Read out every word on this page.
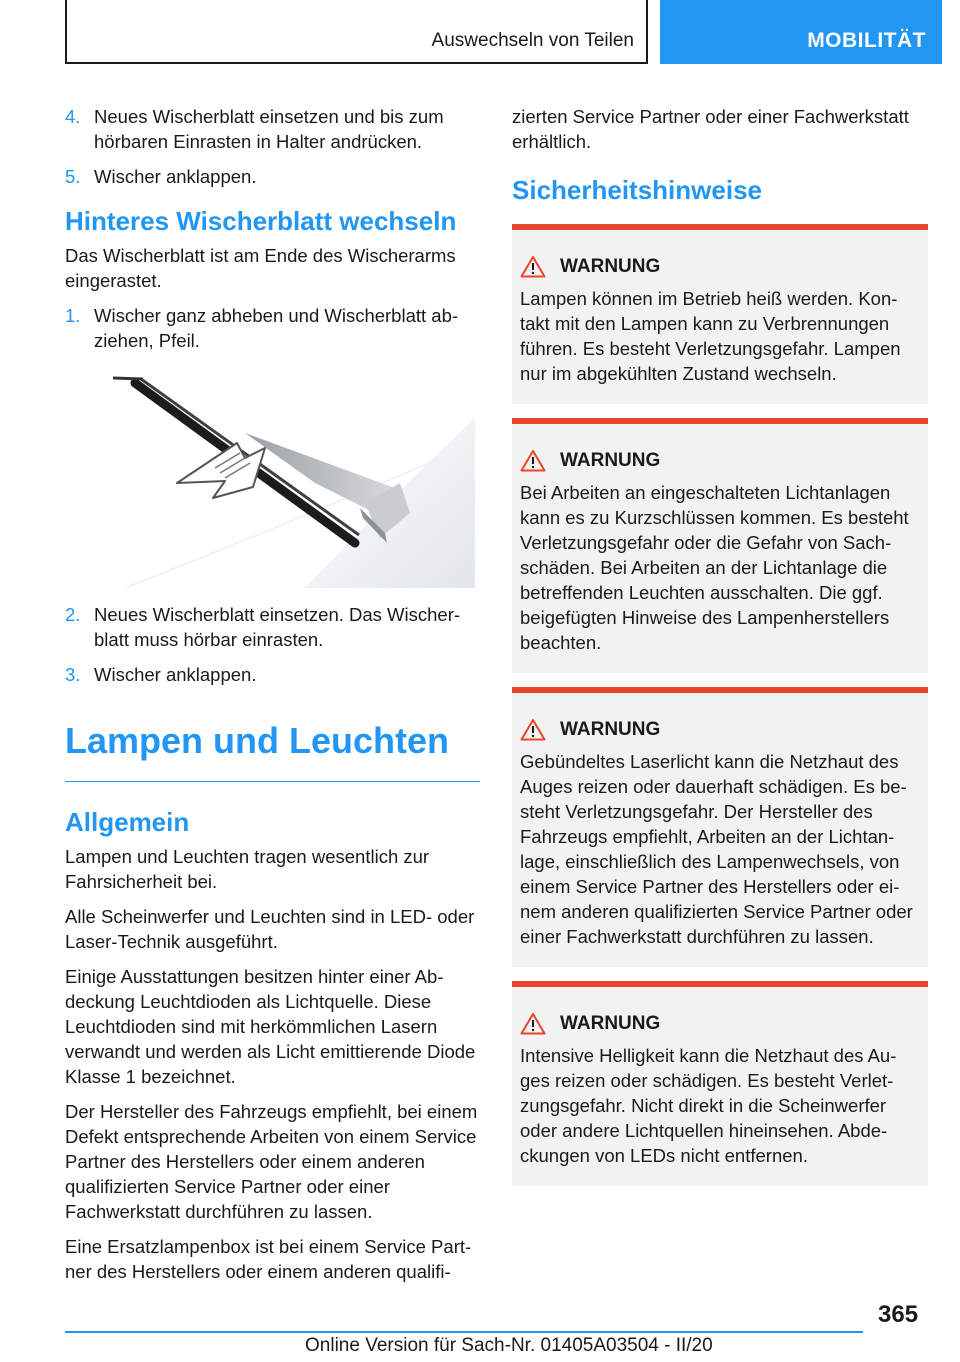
Auswechseln von Teilen	MOBILITÄT
4. Neues Wischerblatt einsetzen und bis zum hörbaren Einrasten in Halter andrücken.
5. Wischer anklappen.
Hinteres Wischerblatt wechseln

Das Wischerblatt ist am Ende des Wischerarms eingerastet.

1. Wischer ganz abheben und Wischerblatt abziehen, Pfeil.
2. Neues Wischerblatt einsetzen. Das Wischerblatt muss hörbar einrasten.
3. Wischer anklappen.
Lampen und Leuchten
Allgemein

Lampen und Leuchten tragen wesentlich zur Fahrsicherheit bei.

Alle Scheinwerfer und Leuchten sind in LED- oder Laser-Technik ausgeführt.

Einige Ausstattungen besitzen hinter einer Abdeckung Leuchtdioden als Lichtquelle. Diese Leuchtdioden sind mit herkömmlichen Lasern verwandt und werden als Licht emittierende Diode Klasse 1 bezeichnet.

Der Hersteller des Fahrzeugs empfiehlt, bei einem Defekt entsprechende Arbeiten von einem Service Partner des Herstellers oder einem anderen qualifizierten Service Partner oder einer Fachwerkstatt durchführen zu lassen.

Eine Ersatzlampenbox ist bei einem Service Partner des Herstellers oder einem anderen qualifi-

zierten Service Partner oder einer Fachwerkstatt erhältlich.

Sicherheitshinweise
WARNUNG
Lampen können im Betrieb heiß werden. Kontakt mit den Lampen kann zu Verbrennungen führen. Es besteht Verletzungsgefahr. Lampen nur im abgekühlten Zustand wechseln.
WARNUNG
Bei Arbeiten an eingeschalteten Lichtanlagen kann es zu Kurzschlüssen kommen. Es besteht Verletzungsgefahr oder die Gefahr von Sachschäden. Bei Arbeiten an der Lichtanlage die betreffenden Leuchten ausschalten. Die ggf. beigefügten Hinweise des Lampenherstellers beachten.
WARNUNG
Gebündeltes Laserlicht kann die Netzhaut des Auges reizen oder dauerhaft schädigen. Es besteht Verletzungsgefahr. Der Hersteller des Fahrzeugs empfiehlt, Arbeiten an der Lichtanlage, einschließlich des Lampenwechsels, von einem Service Partner des Herstellers oder einem anderen qualifizierten Service Partner oder einer Fachwerkstatt durchführen zu lassen.
WARNUNG
Intensive Helligkeit kann die Netzhaut des Auges reizen oder schädigen. Es besteht Verletzungsgefahr. Nicht direkt in die Scheinwerfer oder andere Lichtquellen hineinsehen. Abdeckungen von LEDs nicht entfernen.
365
Online Version für Sach-Nr. 01405A03504 - II/20
